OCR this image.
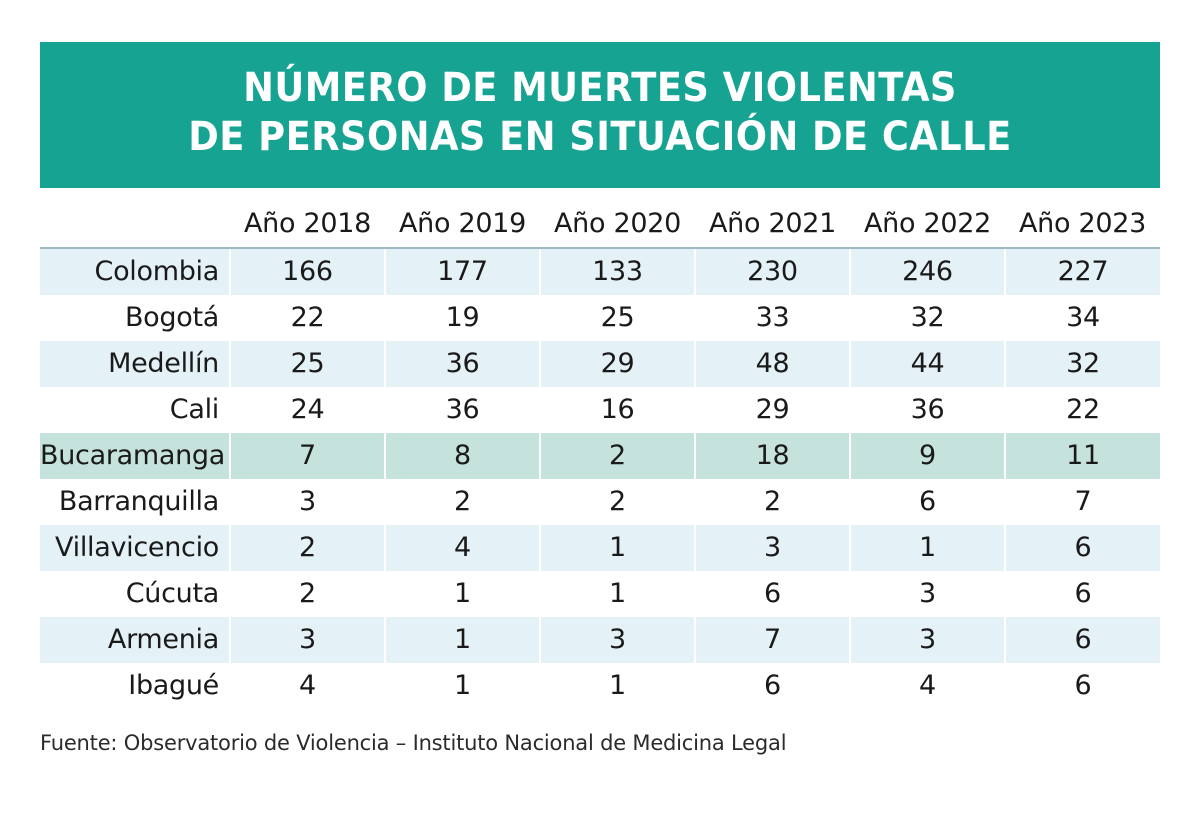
NÚMERO DE MUERTES VIOLENTAS
DE PERSONAS EN SITUACIÓN DE CALLE
	Año 2018	Año 2019	Año 2020	Año 2021	Año 2022	Año 2023
Colombia	166	177	133	230	246	227
Bogotá	22	19	25	33	32	34
Medellín	25	36	29	48	44	32
Cali	24	36	16	29	36	22
Bucaramanga	7	8	2	18	9	11
Barranquilla	3	2	2	2	6	7
Villavicencio	2	4	1	3	1	6
Cúcuta	2	1	1	6	3	6
Armenia	3	1	3	7	3	6
Ibagué	4	1	1	6	4	6
Fuente: Observatorio de Violencia – Instituto Nacional de Medicina Legal
